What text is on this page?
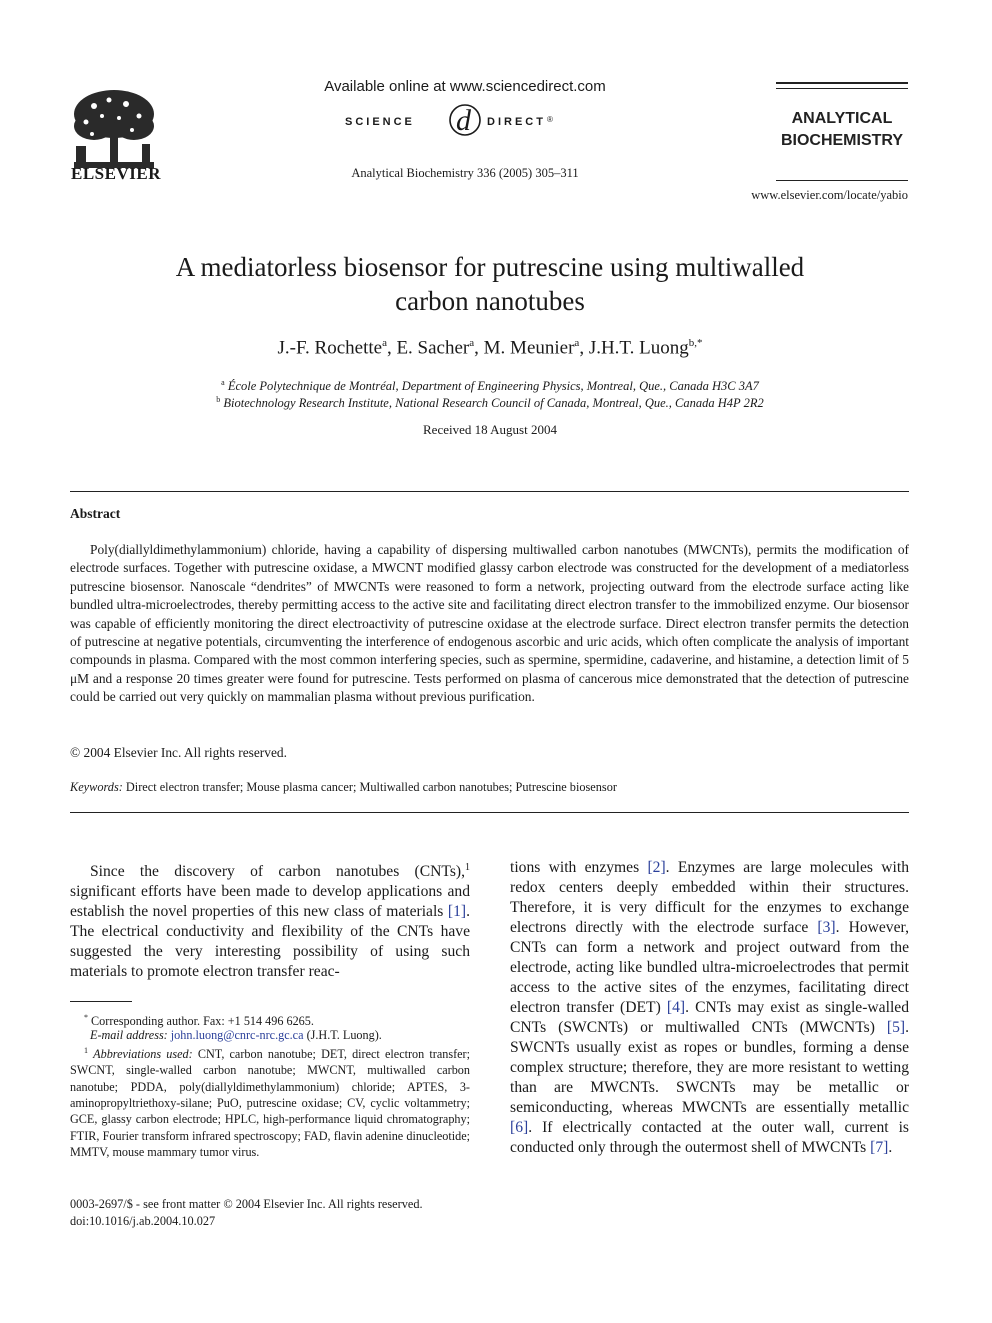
ELSEVIER
Available online at www.sciencedirect.com
SCIENCE d DIRECT ®
Analytical Biochemistry 336 (2005) 305–311
ANALYTICAL
BIOCHEMISTRY
www.elsevier.com/locate/yabio
A mediatorless biosensor for putrescine using multiwalled
carbon nanotubes
J.-F. Rochette$^a$, E. Sacher$^a$, M. Meunier$^a$, J.H.T. Luong$^{b,*}$
$^a$ École Polytechnique de Montréal, Department of Engineering Physics, Montreal, Que., Canada H3C 3A7
$^b$ Biotechnology Research Institute, National Research Council of Canada, Montreal, Que., Canada H4P 2R2
Received 18 August 2004
Abstract
Poly(diallyldimethylammonium) chloride, having a capability of dispersing multiwalled carbon nanotubes (MWCNTs), permits the modification of electrode surfaces. Together with putrescine oxidase, a MWCNT modified glassy carbon electrode was constructed for the development of a mediatorless putrescine biosensor. Nanoscale “dendrites” of MWCNTs were reasoned to form a network, projecting outward from the electrode surface acting like bundled ultra-microelectrodes, thereby permitting access to the active site and facilitating direct electron transfer to the immobilized enzyme. Our biosensor was capable of efficiently monitoring the direct electroactivity of putrescine oxidase at the electrode surface. Direct electron transfer permits the detection of putrescine at negative potentials, circumventing the interference of endogenous ascorbic and uric acids, which often complicate the analysis of important compounds in plasma. Compared with the most common interfering species, such as spermine, spermidine, cadaverine, and histamine, a detection limit of 5 μM and a response 20 times greater were found for putrescine. Tests performed on plasma of cancerous mice demonstrated that the detection of putrescine could be carried out very quickly on mammalian plasma without previous purification.
© 2004 Elsevier Inc. All rights reserved.
Keywords: Direct electron transfer; Mouse plasma cancer; Multiwalled carbon nanotubes; Putrescine biosensor
Since the discovery of carbon nanotubes (CNTs),$^1$ significant efforts have been made to develop applications and establish the novel properties of this new class of materials [1]. The electrical conductivity and flexibility of the CNTs have suggested the very interesting possibility of using such materials to promote electron transfer reac-
tions with enzymes [2]. Enzymes are large molecules with redox centers deeply embedded within their structures. Therefore, it is very difficult for the enzymes to exchange electrons directly with the electrode surface [3]. However, CNTs can form a network and project outward from the electrode, acting like bundled ultra-microelectrodes that permit access to the active sites of the enzymes, facilitating direct electron transfer (DET) [4]. CNTs may exist as single-walled CNTs (SWCNTs) or multiwalled CNTs (MWCNTs) [5]. SWCNTs usually exist as ropes or bundles, forming a dense complex structure; therefore, they are more resistant to wetting than are MWCNTs. SWCNTs may be metallic or semiconducting, whereas MWCNTs are essentially metallic [6]. If electrically contacted at the outer wall, current is conducted only through the outermost shell of MWCNTs [7].
* Corresponding author. Fax: +1 514 496 6265.
E-mail address: john.luong@cnrc-nrc.gc.ca (J.H.T. Luong).
$^1$ Abbreviations used: CNT, carbon nanotube; DET, direct electron transfer; SWCNT, single-walled carbon nanotube; MWCNT, multiwalled carbon nanotube; PDDA, poly(diallyldimethylammonium) chloride; APTES, 3-aminopropyltriethoxy-silane; PuO, putrescine oxidase; CV, cyclic voltammetry; GCE, glassy carbon electrode; HPLC, high-performance liquid chromatography; FTIR, Fourier transform infrared spectroscopy; FAD, flavin adenine dinucleotide; MMTV, mouse mammary tumor virus.
0003-2697/$ - see front matter © 2004 Elsevier Inc. All rights reserved.
doi:10.1016/j.ab.2004.10.027
